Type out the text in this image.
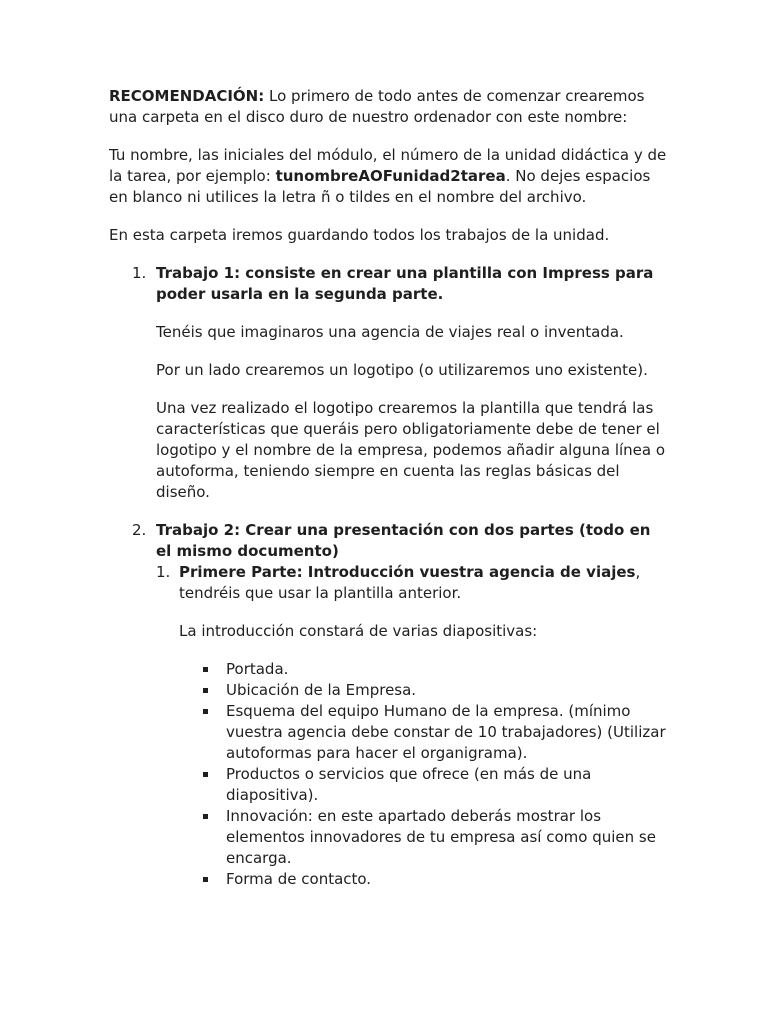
RECOMENDACIÓN: Lo primero de todo antes de comenzar crearemos una carpeta en el disco duro de nuestro ordenador con este nombre:

Tu nombre, las iniciales del módulo, el número de la unidad didáctica y de la tarea, por ejemplo: tunombreAOFunidad2tarea. No dejes espacios en blanco ni utilices la letra ñ o tildes en el nombre del archivo.

En esta carpeta iremos guardando todos los trabajos de la unidad.

1. Trabajo 1: consiste en crear una plantilla con Impress para poder usarla en la segunda parte.

Tenéis que imaginaros una agencia de viajes real o inventada.

Por un lado crearemos un logotipo (o utilizaremos uno existente).

Una vez realizado el logotipo crearemos la plantilla que tendrá las características que queráis pero obligatoriamente debe de tener el logotipo y el nombre de la empresa, podemos añadir alguna línea o autoforma, teniendo siempre en cuenta las reglas básicas del diseño.

2. Trabajo 2: Crear una presentación con dos partes (todo en el mismo documento)

1. Primere Parte: Introducción vuestra agencia de viajes, tendréis que usar la plantilla anterior.

La introducción constará de varias diapositivas:

Portada.
Ubicación de la Empresa.
Esquema del equipo Humano de la empresa. (mínimo vuestra agencia debe constar de 10 trabajadores) (Utilizar autoformas para hacer el organigrama).
Productos o servicios que ofrece (en más de una diapositiva).
Innovación: en este apartado deberás mostrar los elementos innovadores de tu empresa así como quien se encarga.
Forma de contacto.
